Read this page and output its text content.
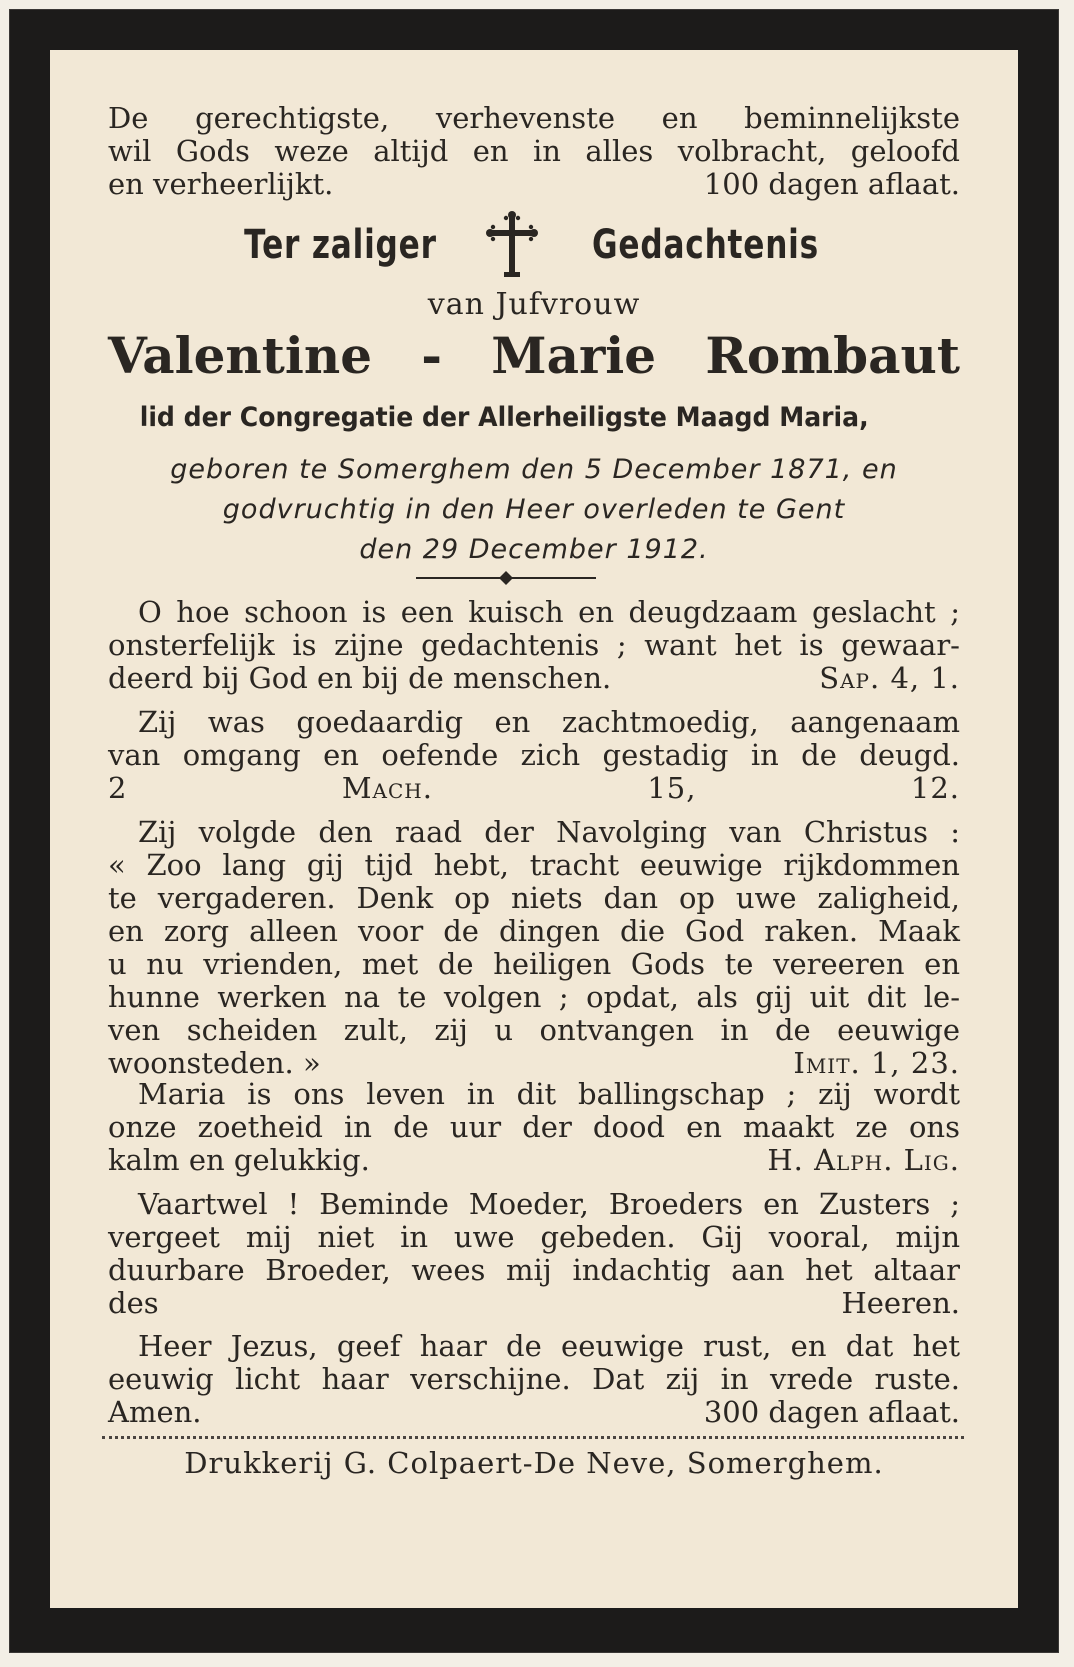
De gerechtigste, verhevenste en beminnelijkste
wil Gods weze altijd en in alles volbracht, geloofd
en verheerlijkt.	100 dagen aflaat.

Ter zaliger	Gedachtenis
van Jufvrouw
Valentine - Marie Rombaut
lid der Congregatie der Allerheiligste Maagd Maria,
geboren te Somerghem den 5 December 1871, en
godvruchtig in den Heer overleden te Gent
den 29 December 1912.

O hoe schoon is een kuisch en deugdzaam geslacht ;
onsterfelijk is zijne gedachtenis ; want het is gewaar-
deerd bij God en bij de menschen.	Sap. 4, 1.

Zij was goedaardig en zachtmoedig, aangenaam
van omgang en oefende zich gestadig in de deugd.
2 Mach. 15, 12.

Zij volgde den raad der Navolging van Christus :
« Zoo lang gij tijd hebt, tracht eeuwige rijkdommen
te vergaderen. Denk op niets dan op uwe zaligheid,
en zorg alleen voor de dingen die God raken. Maak
u nu vrienden, met de heiligen Gods te vereeren en
hunne werken na te volgen ; opdat, als gij uit dit le-
ven scheiden zult, zij u ontvangen in de eeuwige
woonsteden. »	Imit. 1, 23.

Maria is ons leven in dit ballingschap ; zij wordt
onze zoetheid in de uur der dood en maakt ze ons
kalm en gelukkig.	H. Alph. Lig.

Vaartwel ! Beminde Moeder, Broeders en Zusters ;
vergeet mij niet in uwe gebeden. Gij vooral, mijn
duurbare Broeder, wees mij indachtig aan het altaar
des Heeren.

Heer Jezus, geef haar de eeuwige rust, en dat het
eeuwig licht haar verschijne. Dat zij in vrede ruste.
Amen.	300 dagen aflaat.

Drukkerij G. Colpaert-De Neve, Somerghem.
